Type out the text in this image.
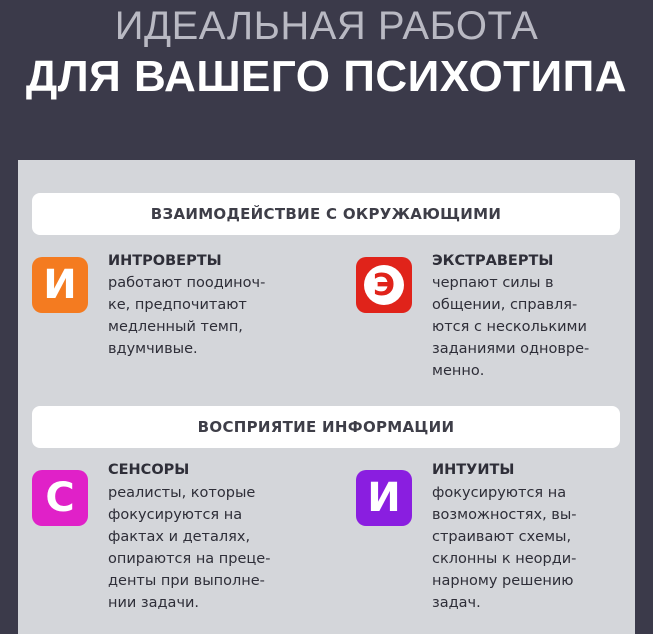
ИДЕАЛЬНАЯ РАБОТА
ДЛЯ ВАШЕГО ПСИХОТИПА
ВЗАИМОДЕЙСТВИЕ С ОКРУЖАЮЩИМИ
И
ИНТРОВЕРТЫ
работают поодиноч-
ке, предпочитают
медленный темп,
вдумчивые.
Э
ЭКСТРАВЕРТЫ
черпают силы в
общении, справля-
ются с несколькими
заданиями одновре-
менно.
ВОСПРИЯТИЕ ИНФОРМАЦИИ
С
СЕНСОРЫ
реалисты, которые
фокусируются на
фактах и деталях,
опираются на преце-
денты при выполне-
нии задачи.
И
ИНТУИТЫ
фокусируются на
возможностях, вы-
страивают схемы,
склонны к неорди-
нарному решению
задач.
